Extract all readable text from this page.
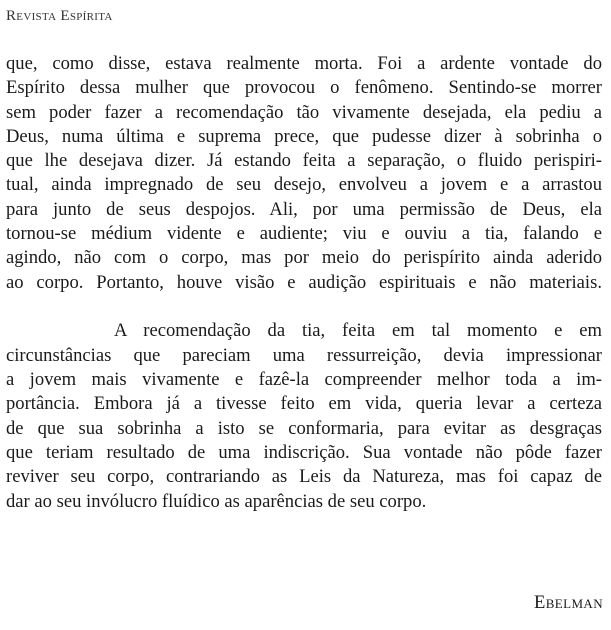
Revista Espírita
que, como disse, estava realmente morta. Foi a ardente vontade do
Espírito dessa mulher que provocou o fenômeno. Sentindo-se morrer
sem poder fazer a recomendação tão vivamente desejada, ela pediu a
Deus, numa última e suprema prece, que pudesse dizer à sobrinha o
que lhe desejava dizer. Já estando feita a separação, o fluido perispiri-
tual, ainda impregnado de seu desejo, envolveu a jovem e a arrastou
para junto de seus despojos. Ali, por uma permissão de Deus, ela
tornou-se médium vidente e audiente; viu e ouviu a tia, falando e
agindo, não com o corpo, mas por meio do perispírito ainda aderido
ao corpo. Portanto, houve visão e audição espirituais e não materiais.
A recomendação da tia, feita em tal momento e em
circunstâncias que pareciam uma ressurreição, devia impressionar
a jovem mais vivamente e fazê-la compreender melhor toda a im-
portância. Embora já a tivesse feito em vida, queria levar a certeza
de que sua sobrinha a isto se conformaria, para evitar as desgraças
que teriam resultado de uma indiscrição. Sua vontade não pôde fazer
reviver seu corpo, contrariando as Leis da Natureza, mas foi capaz de
dar ao seu invólucro fluídico as aparências de seu corpo.
Ebelman
